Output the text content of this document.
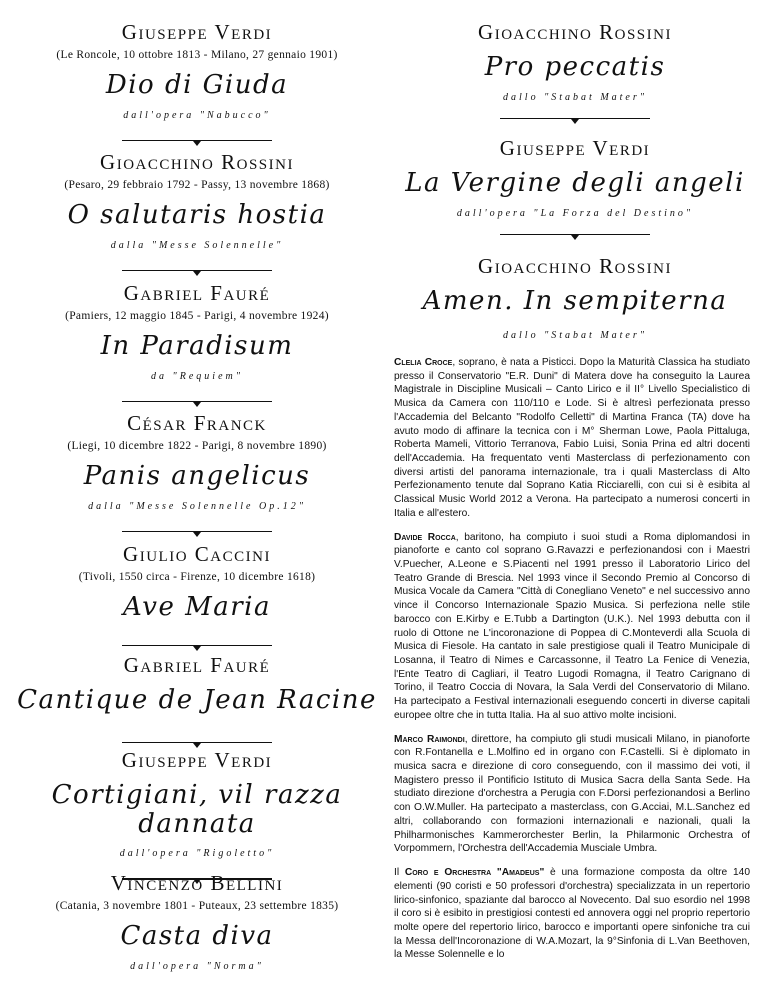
Giuseppe Verdi
(Le Roncole, 10 ottobre 1813 - Milano, 27 gennaio 1901)
Dio di Giuda
dall'opera "Nabucco"
Gioacchino Rossini
(Pesaro, 29 febbraio 1792 - Passy, 13 novembre 1868)
O salutaris hostia
dalla "Messe Solennelle"
Gabriel Fauré
(Pamiers, 12 maggio 1845 - Parigi, 4 novembre 1924)
In Paradisum
da "Requiem"
César Franck
(Liegi, 10 dicembre 1822 - Parigi, 8 novembre 1890)
Panis angelicus
dalla "Messe Solennelle Op.12"
Giulio Caccini
(Tivoli, 1550 circa - Firenze, 10 dicembre 1618)
Ave Maria
Gabriel Fauré
Cantique de Jean Racine
Giuseppe Verdi
Cortigiani, vil razza dannata
dall'opera "Rigoletto"
Vincenzo Bellini
(Catania, 3 novembre 1801 - Puteaux, 23 settembre 1835)
Casta diva
dall'opera "Norma"
Gioacchino Rossini
Pro peccatis
dallo "Stabat Mater"
Giuseppe Verdi
La Vergine degli angeli
dall'opera "La Forza del Destino"
Gioacchino Rossini
Amen. In sempiterna
dallo "Stabat Mater"

Clelia Croce, soprano, è nata a Pisticci. Dopo la Maturità Classica ha studiato presso il Conservatorio "E.R. Duni" di Matera dove ha conseguito la Laurea Magistrale in Discipline Musicali – Canto Lirico e il II° Livello Specialistico di Musica da Camera con 110/110 e Lode. Si è altresì perfezionata presso l'Accademia del Belcanto "Rodolfo Celletti" di Martina Franca (TA) dove ha avuto modo di affinare la tecnica con i M° Sherman Lowe, Paola Pittaluga, Roberta Mameli, Vittorio Terranova, Fabio Luisi, Sonia Prina ed altri docenti dell'Accademia. Ha frequentato venti Masterclass di perfezionamento con diversi artisti del panorama internazionale, tra i quali Masterclass di Alto Perfezionamento tenute dal Soprano Katia Ricciarelli, con cui si è esibita al Classical Music World 2012 a Verona. Ha partecipato a numerosi concerti in Italia e all'estero.

Davide Rocca, baritono, ha compiuto i suoi studi a Roma diplomandosi in pianoforte e canto col soprano G.Ravazzi e perfezionandosi con i Maestri V.Puecher, A.Leone e S.Piacenti nel 1991 presso il Laboratorio Lirico del Teatro Grande di Brescia. Nel 1993 vince il Secondo Premio al Concorso di Musica Vocale da Camera "Città di Conegliano Veneto" e nel successivo anno vince il Concorso Internazionale Spazio Musica. Si perfeziona nelle stile barocco con E.Kirby e E.Tubb a Dartington (U.K.). Nel 1993 debutta con il ruolo di Ottone ne L'incoronazione di Poppea di C.Monteverdi alla Scuola di Musica di Fiesole. Ha cantato in sale prestigiose quali il Teatro Municipale di Losanna, il Teatro di Nimes e Carcassonne, il Teatro La Fenice di Venezia, l'Ente Teatro di Cagliari, il Teatro Lugodi Romagna, il Teatro Carignano di Torino, il Teatro Coccia di Novara, la Sala Verdi del Conservatorio di Milano. Ha partecipato a Festival internazionali eseguendo concerti in diverse capitali europee oltre che in tutta Italia. Ha al suo attivo molte incisioni.

Marco Raimondi, direttore, ha compiuto gli studi musicali Milano, in pianoforte con R.Fontanella e L.Molfino ed in organo con F.Castelli. Si è diplomato in musica sacra e direzione di coro conseguendo, con il massimo dei voti, il Magistero presso il Pontificio Istituto di Musica Sacra della Santa Sede. Ha studiato direzione d'orchestra a Perugia con F.Dorsi perfezionandosi a Berlino con O.W.Muller. Ha partecipato a masterclass, con G.Acciai, M.L.Sanchez ed altri, collaborando con formazioni internazionali e nazionali, quali la Philharmonisches Kammerorchester Berlin, la Philarmonic Orchestra of Vorpommern, l'Orchestra dell'Accademia Musciale Umbra.

Il Coro e Orchestra "Amadeus" è una formazione composta da oltre 140 elementi (90 coristi e 50 professori d'orchestra) specializzata in un repertorio lirico-sinfonico, spaziante dal barocco al Novecento. Dal suo esordio nel 1998 il coro si è esibito in prestigiosi contesti ed annovera oggi nel proprio repertorio molte opere del repertorio lirico, barocco e importanti opere sinfoniche tra cui la Messa dell'Incoronazione di W.A.Mozart, la 9°Sinfonia di L.Van Beethoven, la Messe Solennelle e lo
